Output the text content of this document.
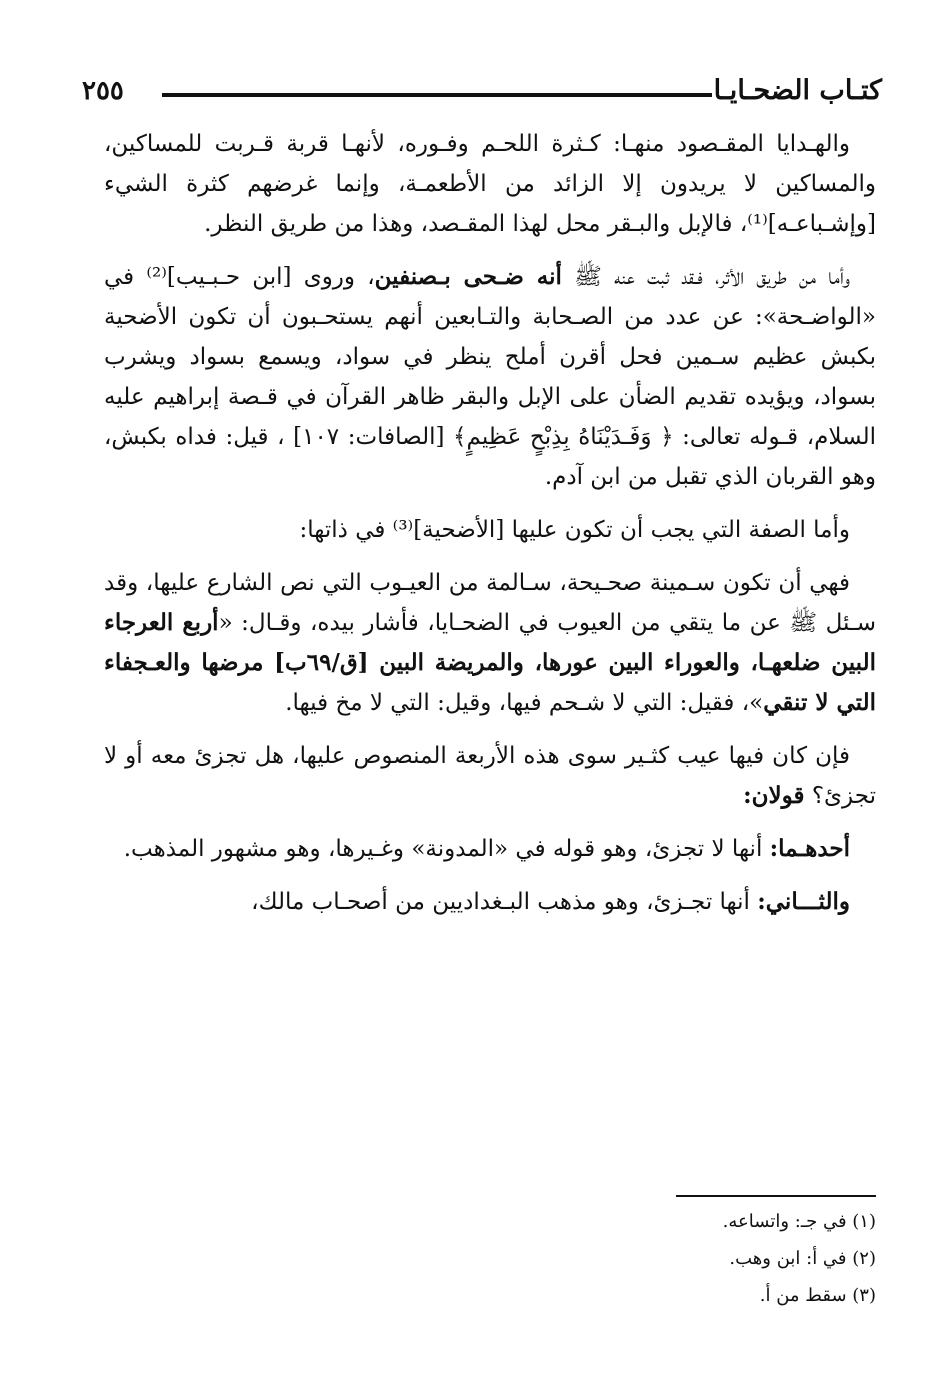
كتـاب الضحـايـا
٢٥٥

والهـدايا المقـصود منهـا: كـثرة اللحـم وفـوره، لأنهـا قربة قـربت للمساكين، والمساكين لا يريدون إلا الزائد من الأطعمـة، وإنما غرضهم كثرة الشيء [وإشـباعـه]⁽¹⁾، فالإبل والبـقر محل لهذا المقـصد، وهذا من طريق النظر.

وأما من طريق الأثر، فـقد ثبت عنه ﷺ أنه ضـحى بـصنفين، وروى [ابن حـبـيب]⁽²⁾ في «الواضـحة»: عن عدد من الصـحابة والتـابعين أنهم يستحـبون أن تكون الأضحية بكبش عظيم سـمين فحل أقرن أملح ينظر في سواد، ويسمع بسواد ويشرب بسواد، ويؤيده تقديم الضأن على الإبل والبقر ظاهر القرآن في قـصة إبراهيم عليه السلام، قـوله تعالى: ﴿ وَفَـدَيْنَاهُ بِذِبْحٍ عَظِيمٍ﴾ [الصافات: ١٠٧] ، قيل: فداه بكبش، وهو القربان الذي تقبل من ابن آدم.

وأما الصفة التي يجب أن تكون عليها [الأضحية]⁽³⁾ في ذاتها:

فهي أن تكون سـمينة صحـيحة، سـالمة من العيـوب التي نص الشارع عليها، وقد سـئل ﷺ عن ما يتقي من العيوب في الضحـايا، فأشار بيده، وقـال: «أربع العرجاء البين ضلعهـا، والعوراء البين عورها، والمريضة البين [ق/٦٩ب] مرضها والعـجفاء التي لا تنقي»، فقيل: التي لا شـحم فيها، وقيل: التي لا مخ فيها.

فإن كان فيها عيب كثـير سوى هذه الأربعة المنصوص عليها، هل تجزئ معه أو لا تجزئ؟ قولان:

أحدهـما: أنها لا تجزئ، وهو قوله في «المدونة» وغـيرها، وهو مشهور المذهب.

والثـــاني: أنها تجـزئ، وهو مذهب البـغداديين من أصحـاب مالك،

(١) في جـ: واتساعه.

(٢) في أ: ابن وهب.

(٣) سقط من أ.
